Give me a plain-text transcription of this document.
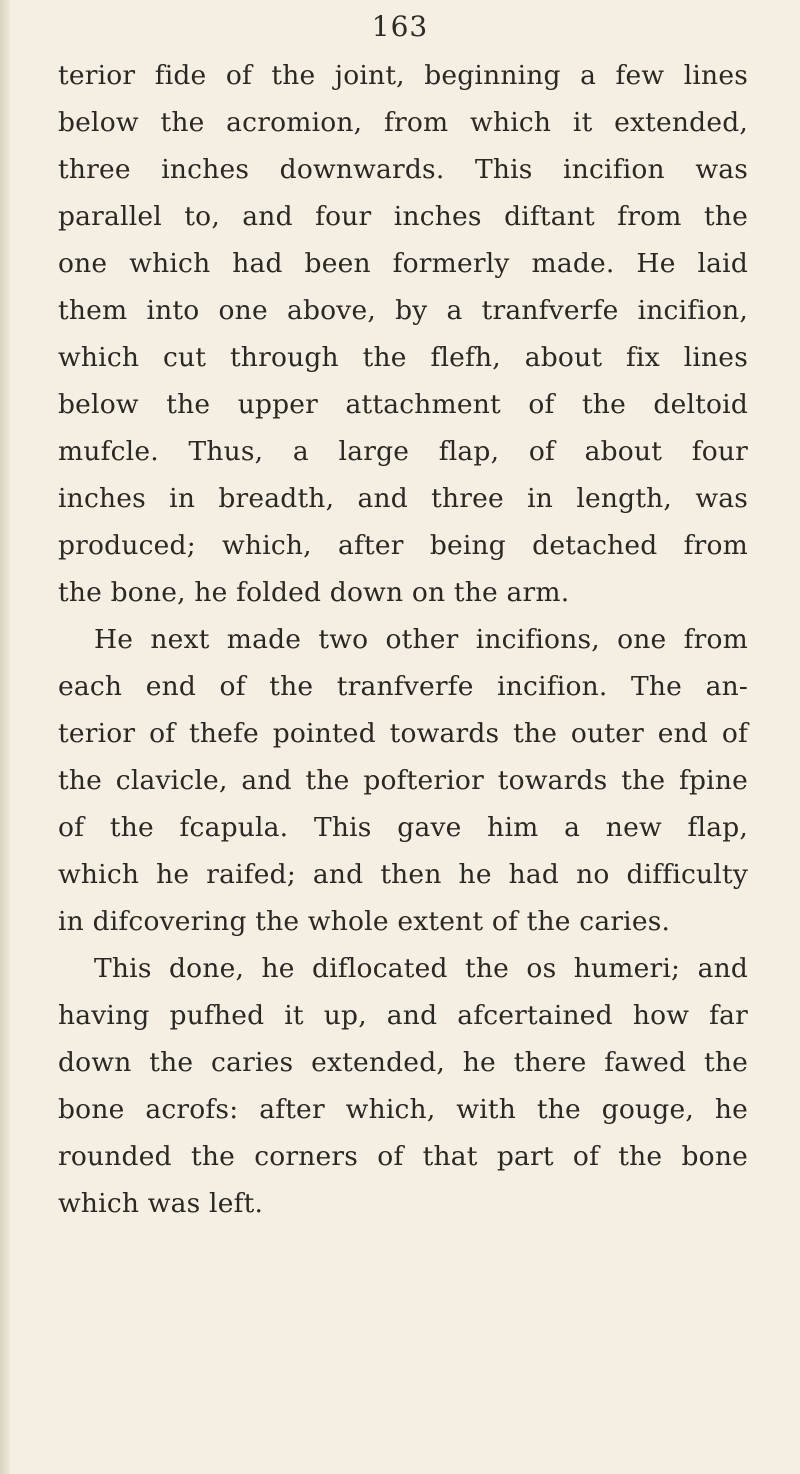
163
terior fide of the joint, beginning a few lines
below the acromion, from which it extended,
three inches downwards. This incifion was
parallel to, and four inches diftant from the
one which had been formerly made. He laid
them into one above, by a tranfverfe incifion,
which cut through the flefh, about fix lines
below the upper attachment of the deltoid
mufcle. Thus, a large flap, of about four
inches in breadth, and three in length, was
produced; which, after being detached from
the bone, he folded down on the arm.
He next made two other incifions, one from
each end of the tranfverfe incifion. The an-
terior of thefe pointed towards the outer end of
the clavicle, and the pofterior towards the fpine
of the fcapula. This gave him a new flap,
which he raifed; and then he had no difficulty
in difcovering the whole extent of the caries.
This done, he diflocated the os humeri; and
having pufhed it up, and afcertained how far
down the caries extended, he there fawed the
bone acrofs: after which, with the gouge, he
rounded the corners of that part of the bone
which was left.
